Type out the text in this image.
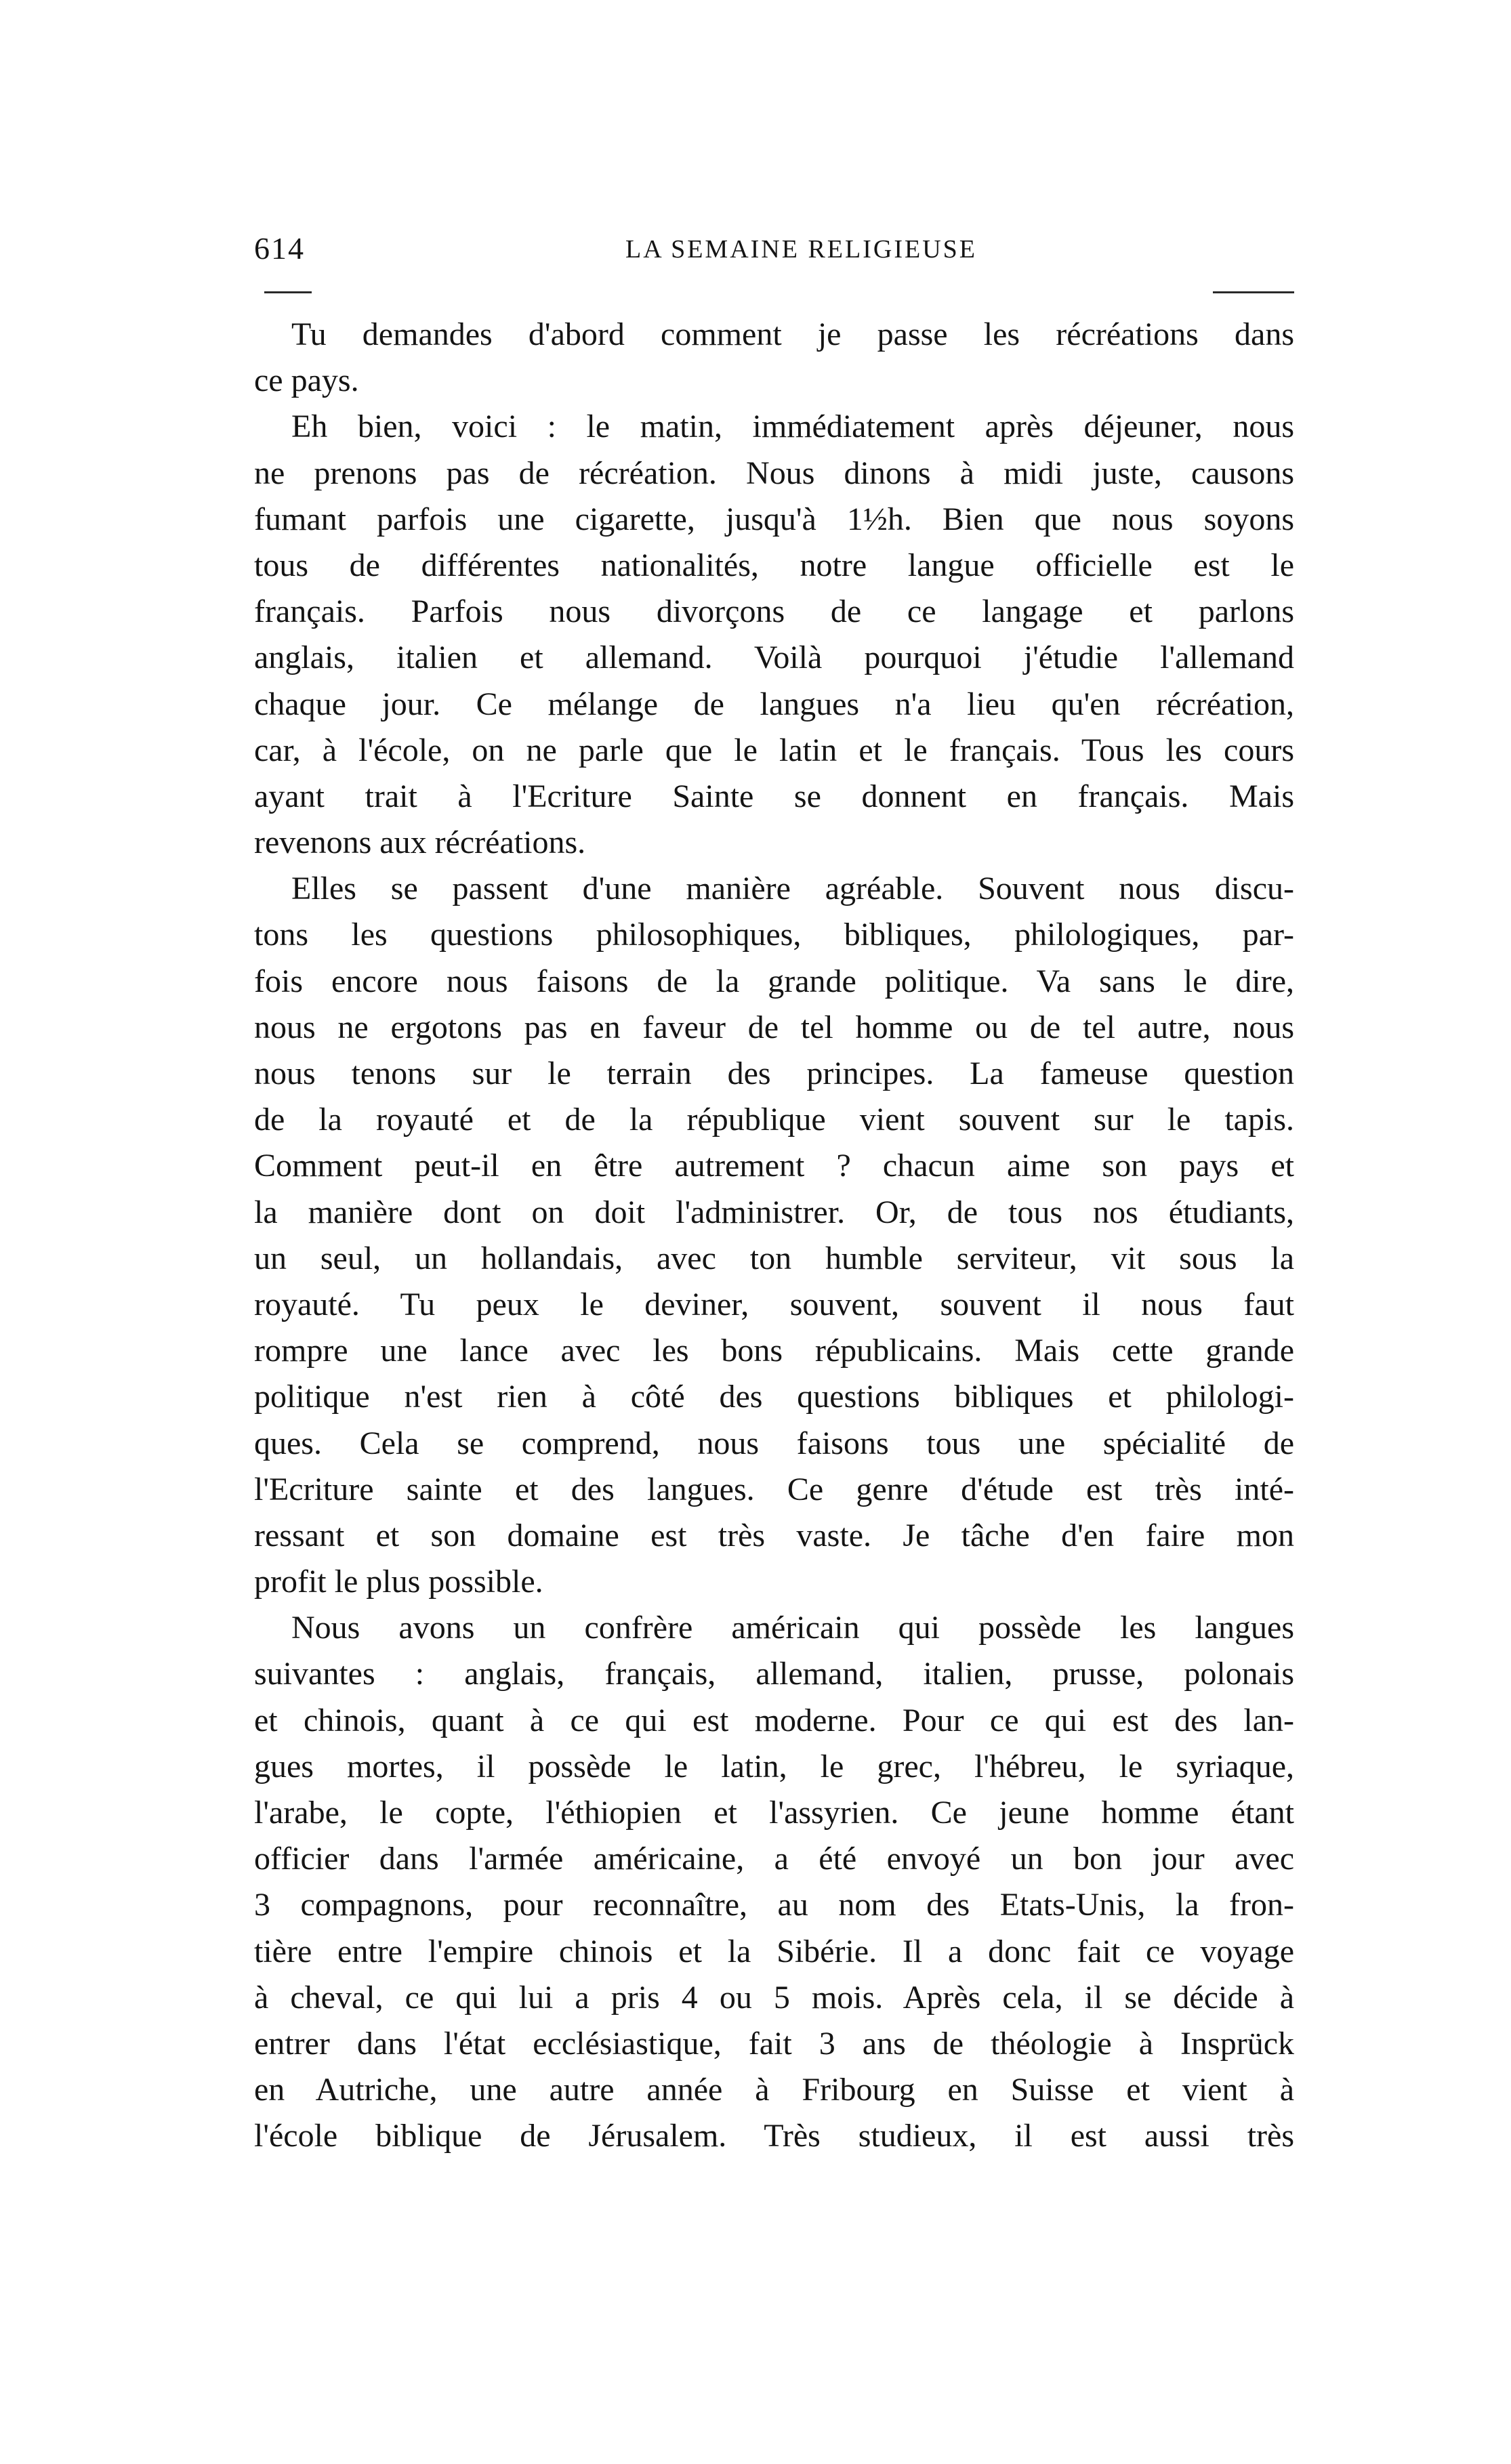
614	LA SEMAINE RELIGIEUSE
Tu demandes d'abord comment je passe les récréations dans
ce pays.
Eh bien, voici : le matin, immédiatement après déjeuner, nous
ne prenons pas de récréation. Nous dinons à midi juste, causons
fumant parfois une cigarette, jusqu'à 1½h. Bien que nous soyons
tous de différentes nationalités, notre langue officielle est le
français. Parfois nous divorçons de ce langage et parlons
anglais, italien et allemand. Voilà pourquoi j'étudie l'allemand
chaque jour. Ce mélange de langues n'a lieu qu'en récréation,
car, à l'école, on ne parle que le latin et le français. Tous les cours
ayant trait à l'Ecriture Sainte se donnent en français. Mais
revenons aux récréations.
Elles se passent d'une manière agréable. Souvent nous discu-
tons les questions philosophiques, bibliques, philologiques, par-
fois encore nous faisons de la grande politique. Va sans le dire,
nous ne ergotons pas en faveur de tel homme ou de tel autre, nous
nous tenons sur le terrain des principes. La fameuse question
de la royauté et de la république vient souvent sur le tapis.
Comment peut-il en être autrement ? chacun aime son pays et
la manière dont on doit l'administrer. Or, de tous nos étudiants,
un seul, un hollandais, avec ton humble serviteur, vit sous la
royauté. Tu peux le deviner, souvent, souvent il nous faut
rompre une lance avec les bons républicains. Mais cette grande
politique n'est rien à côté des questions bibliques et philologi-
ques. Cela se comprend, nous faisons tous une spécialité de
l'Ecriture sainte et des langues. Ce genre d'étude est très inté-
ressant et son domaine est très vaste. Je tâche d'en faire mon
profit le plus possible.
Nous avons un confrère américain qui possède les langues
suivantes : anglais, français, allemand, italien, prusse, polonais
et chinois, quant à ce qui est moderne. Pour ce qui est des lan-
gues mortes, il possède le latin, le grec, l'hébreu, le syriaque,
l'arabe, le copte, l'éthiopien et l'assyrien. Ce jeune homme étant
officier dans l'armée américaine, a été envoyé un bon jour avec
3 compagnons, pour reconnaître, au nom des Etats-Unis, la fron-
tière entre l'empire chinois et la Sibérie. Il a donc fait ce voyage
à cheval, ce qui lui a pris 4 ou 5 mois. Après cela, il se décide à
entrer dans l'état ecclésiastique, fait 3 ans de théologie à Insprück
en Autriche, une autre année à Fribourg en Suisse et vient à
l'école biblique de Jérusalem. Très studieux, il est aussi très
